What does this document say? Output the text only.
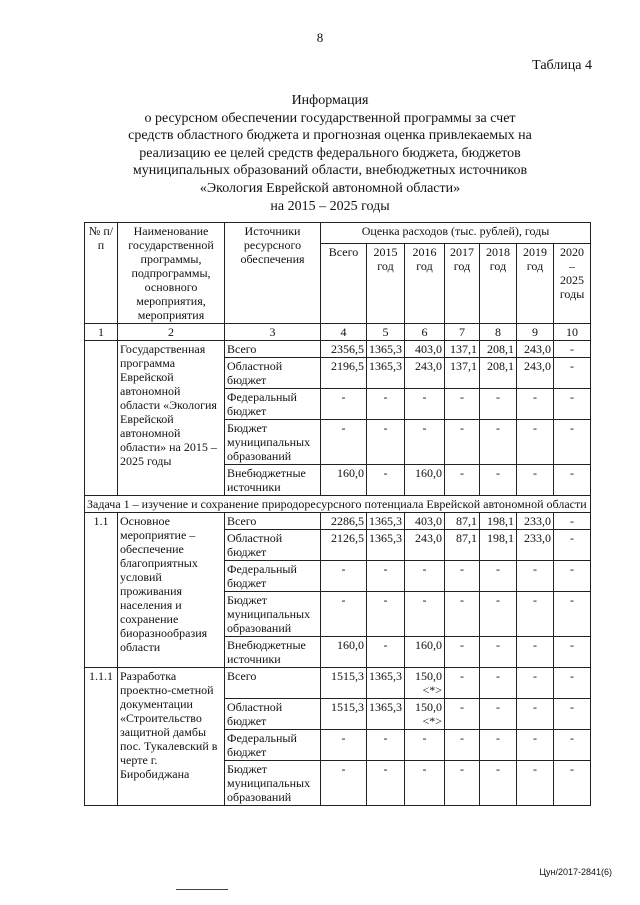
8
Таблица 4
Информация
о ресурсном обеспечении государственной программы за счет
средств областного бюджета и прогнозная оценка привлекаемых на
реализацию ее целей средств федерального бюджета, бюджетов
муниципальных образований области, внебюджетных источников
«Экология Еврейской автономной области»
на 2015 – 2025 годы
№ п/п	Наименование государственной программы, подпрограммы, основного мероприятия, мероприятия	Источники ресурсного обеспечения	Оценка расходов (тыс. рублей), годы						
			Всего	2015 год	2016 год	2017 год	2018 год	2019 год	2020 – 2025 годы
1	2	3	4	5	6	7	8	9	10
	Государственная программа Еврейской автономной области «Экология Еврейской автономной области» на 2015 – 2025 годы	Всего	2356,5	1365,3	403,0	137,1	208,1	243,0	-
		Областной бюджет	2196,5	1365,3	243,0	137,1	208,1	243,0	-
		Федеральный бюджет	-	-	-	-	-	-	-
		Бюджет муниципальных образований	-	-	-	-	-	-	-
		Внебюджетные источники	160,0	-	160,0	-	-	-	-
Задача 1 – изучение и сохранение природоресурсного потенциала Еврейской автономной области									
1.1	Основное мероприятие – обеспечение благоприятных условий проживания населения и сохранение биоразнообразия области	Всего	2286,5	1365,3	403,0	87,1	198,1	233,0	-
		Областной бюджет	2126,5	1365,3	243,0	87,1	198,1	233,0	-
		Федеральный бюджет	-	-	-	-	-	-	-
		Бюджет муниципальных образований	-	-	-	-	-	-	-
		Внебюджетные источники	160,0	-	160,0	-	-	-	-
1.1.1	Разработка проектно-сметной документации «Строительство защитной дамбы пос. Тукалевский в черте г. Биробиджана	Всего	1515,3	1365,3	150,0 <*>	-	-	-	-
		Областной бюджет	1515,3	1365,3	150,0 <*>	-	-	-	-
		Федеральный бюджет	-	-	-	-	-	-	-
		Бюджет муниципальных образований	-	-	-	-	-	-	-
Цун/2017-2841(6)
